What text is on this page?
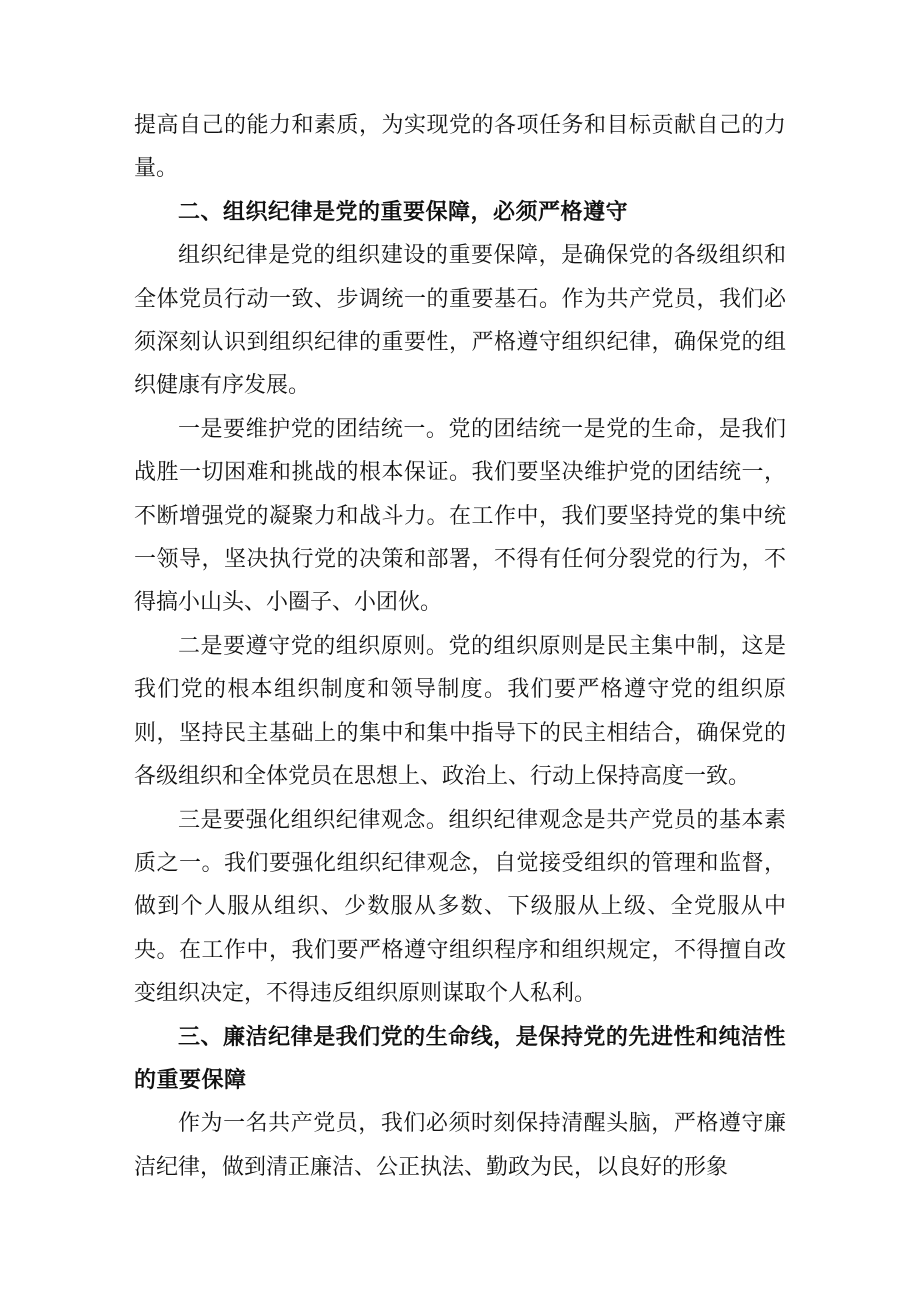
提高自己的能力和素质，为实现党的各项任务和目标贡献自己的力量。

二、组织纪律是党的重要保障，必须严格遵守

组织纪律是党的组织建设的重要保障，是确保党的各级组织和全体党员行动一致、步调统一的重要基石。作为共产党员，我们必须深刻认识到组织纪律的重要性，严格遵守组织纪律，确保党的组织健康有序发展。

一是要维护党的团结统一。党的团结统一是党的生命，是我们战胜一切困难和挑战的根本保证。我们要坚决维护党的团结统一，不断增强党的凝聚力和战斗力。在工作中，我们要坚持党的集中统一领导，坚决执行党的决策和部署，不得有任何分裂党的行为，不得搞小山头、小圈子、小团伙。

二是要遵守党的组织原则。党的组织原则是民主集中制，这是我们党的根本组织制度和领导制度。我们要严格遵守党的组织原则，坚持民主基础上的集中和集中指导下的民主相结合，确保党的各级组织和全体党员在思想上、政治上、行动上保持高度一致。

三是要强化组织纪律观念。组织纪律观念是共产党员的基本素质之一。我们要强化组织纪律观念，自觉接受组织的管理和监督，做到个人服从组织、少数服从多数、下级服从上级、全党服从中央。在工作中，我们要严格遵守组织程序和组织规定，不得擅自改变组织决定，不得违反组织原则谋取个人私利。

三、廉洁纪律是我们党的生命线，是保持党的先进性和纯洁性的重要保障

作为一名共产党员，我们必须时刻保持清醒头脑，严格遵守廉洁纪律，做到清正廉洁、公正执法、勤政为民，以良好的形象
